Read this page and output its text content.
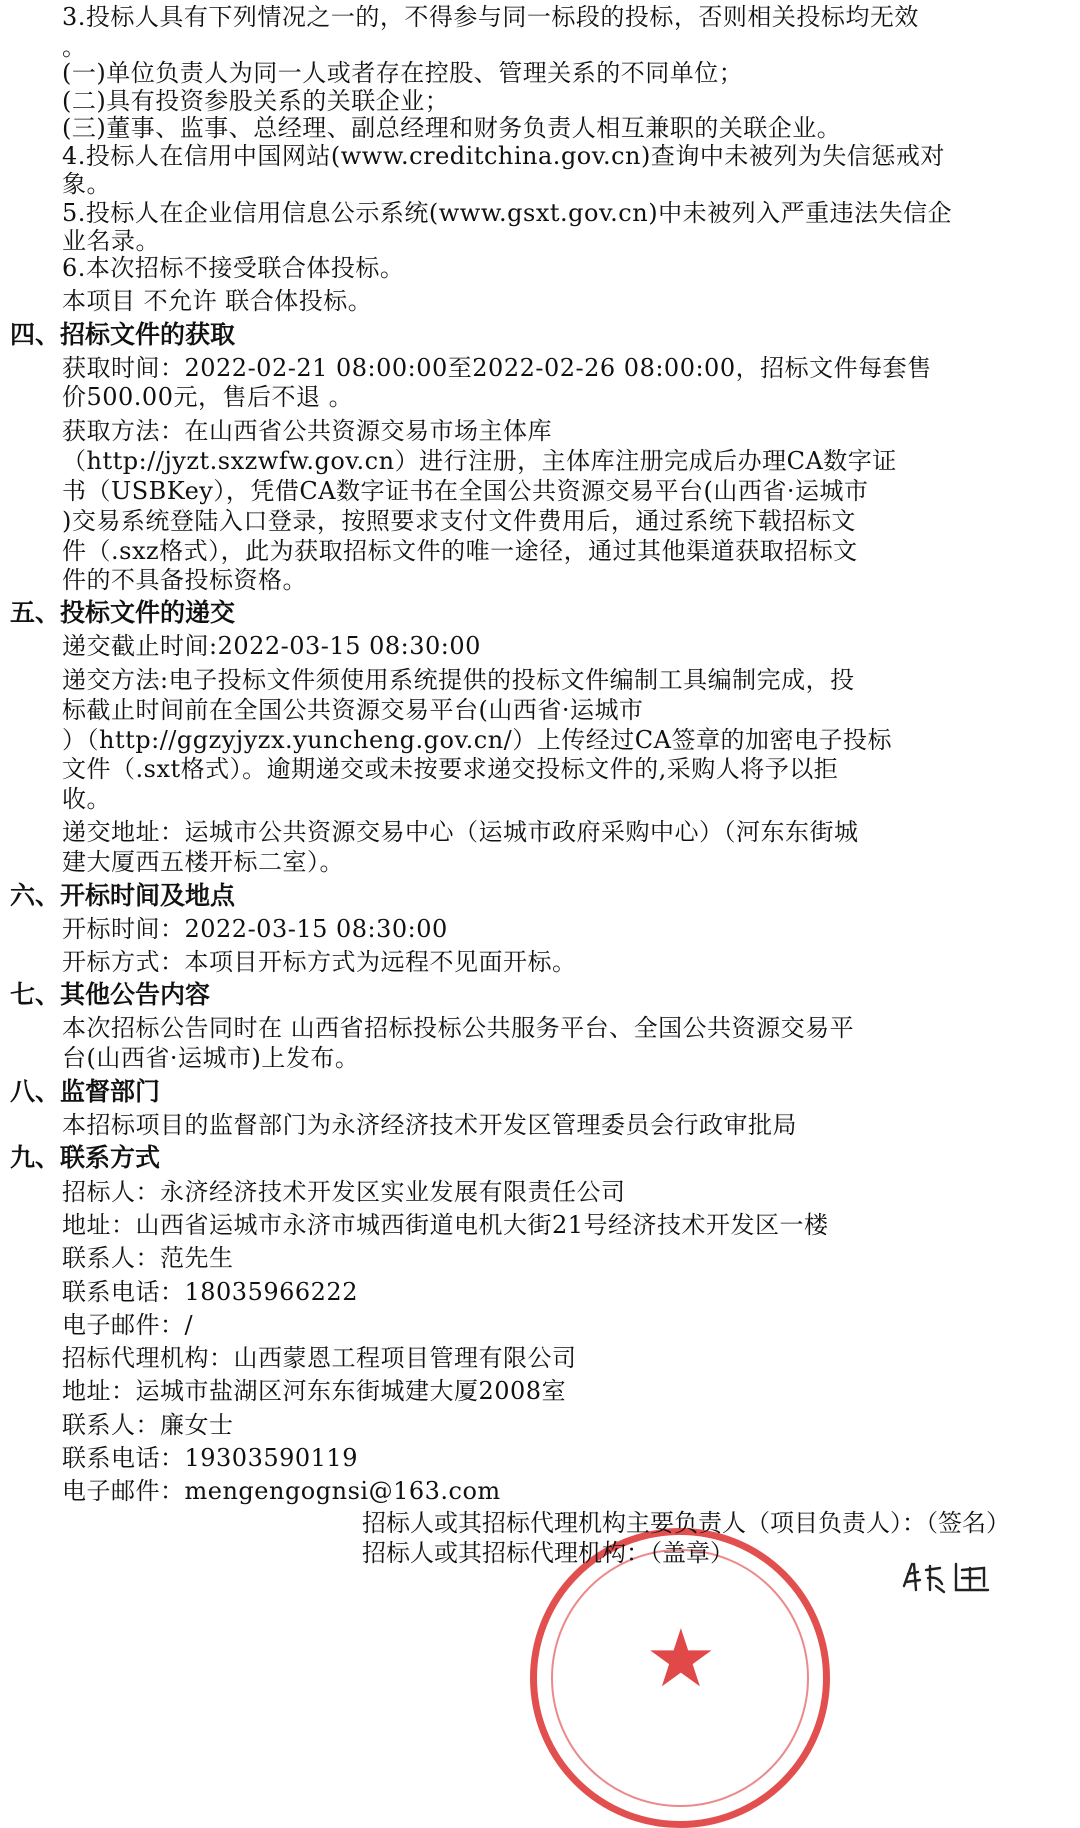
3.投标人具有下列情况之一的，不得参与同一标段的投标，否则相关投标均无效
。
(一)单位负责人为同一人或者存在控股、管理关系的不同单位；
(二)具有投资参股关系的关联企业；
(三)董事、监事、总经理、副总经理和财务负责人相互兼职的关联企业。
4.投标人在信用中国网站(www.creditchina.gov.cn)查询中未被列为失信惩戒对
象。
5.投标人在企业信用信息公示系统(www.gsxt.gov.cn)中未被列入严重违法失信企
业名录。
6.本次招标不接受联合体投标。
本项目 不允许 联合体投标。
四、招标文件的获取
获取时间：2022-02-21 08:00:00至2022-02-26 08:00:00，招标文件每套售
价500.00元，售后不退 。
获取方法：在山西省公共资源交易市场主体库
（http://jyzt.sxzwfw.gov.cn）进行注册，主体库注册完成后办理CA数字证
书（USBKey），凭借CA数字证书在全国公共资源交易平台(山西省·运城市
)交易系统登陆入口登录，按照要求支付文件费用后，通过系统下载招标文
件（.sxz格式），此为获取招标文件的唯一途径，通过其他渠道获取招标文
件的不具备投标资格。
五、投标文件的递交
递交截止时间:2022-03-15 08:30:00
递交方法:电子投标文件须使用系统提供的投标文件编制工具编制完成，投
标截止时间前在全国公共资源交易平台(山西省·运城市
）（http://ggzyjyzx.yuncheng.gov.cn/）上传经过CA签章的加密电子投标
文件（.sxt格式）。逾期递交或未按要求递交投标文件的,采购人将予以拒
收。
递交地址：运城市公共资源交易中心（运城市政府采购中心）（河东东街城
建大厦西五楼开标二室）。
六、开标时间及地点
开标时间：2022-03-15 08:30:00
开标方式：本项目开标方式为远程不见面开标。
七、其他公告内容
本次招标公告同时在 山西省招标投标公共服务平台、全国公共资源交易平
台(山西省·运城市)上发布。
八、监督部门
本招标项目的监督部门为永济经济技术开发区管理委员会行政审批局
九、联系方式
招标人：永济经济技术开发区实业发展有限责任公司
地址：山西省运城市永济市城西街道电机大街21号经济技术开发区一楼
联系人：范先生
联系电话：18035966222
电子邮件：/
招标代理机构：山西蒙恩工程项目管理有限公司
地址：运城市盐湖区河东东街城建大厦2008室
联系人：廉女士
联系电话：19303590119
电子邮件：mengengognsi@163.com
★
招标人或其招标代理机构主要负责人（项目负责人）：（签名）
招标人或其招标代理机构：（盖章）
